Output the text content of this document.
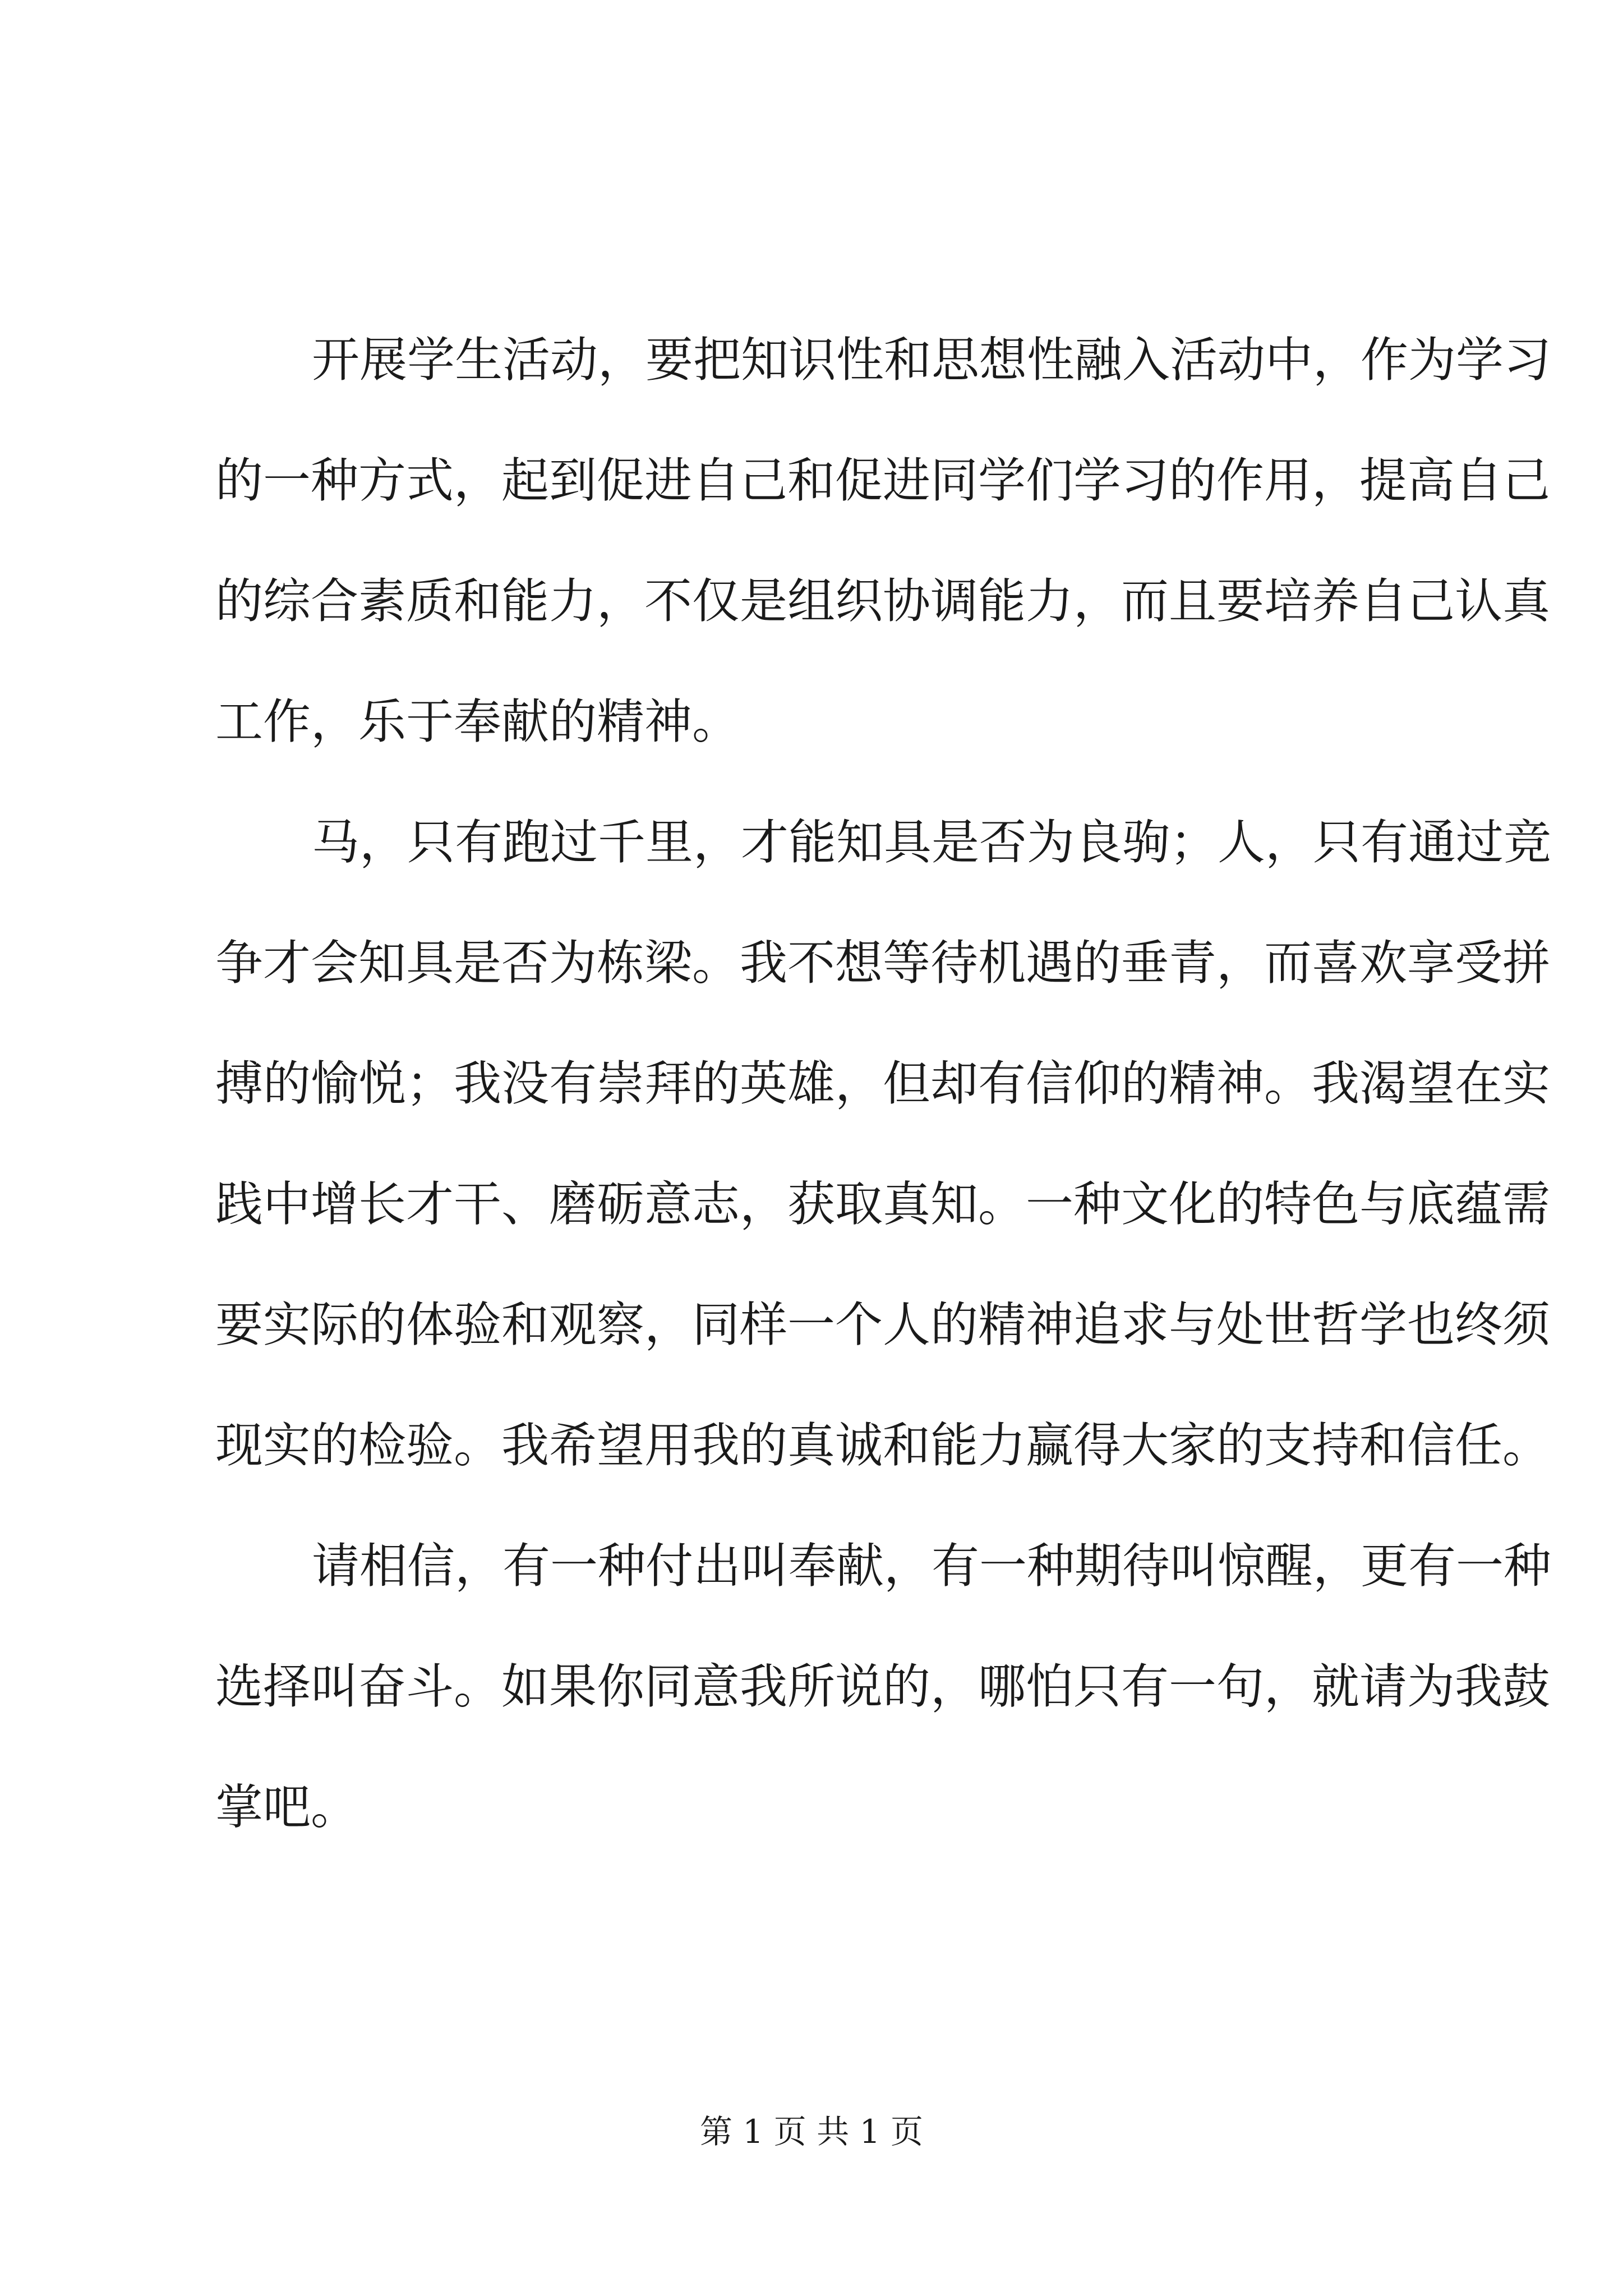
开展学生活动，要把知识性和思想性融入活动中，作为学习
的一种方式，起到促进自己和促进同学们学习的作用，提高自己
的综合素质和能力，不仅是组织协调能力，而且要培养自己认真
工作，乐于奉献的精神。
马，只有跑过千里，才能知具是否为良驹；人，只有通过竞
争才会知具是否为栋梁。我不想等待机遇的垂青，而喜欢享受拼
搏的愉悦；我没有崇拜的英雄，但却有信仰的精神。我渴望在实
践中增长才干、磨砺意志，获取真知。一种文化的特色与底蕴需
要实际的体验和观察，同样一个人的精神追求与处世哲学也终须
现实的检验。我希望用我的真诚和能力赢得大家的支持和信任。
请相信，有一种付出叫奉献，有一种期待叫惊醒，更有一种
选择叫奋斗。如果你同意我所说的，哪怕只有一句，就请为我鼓
掌吧。
第 1 页 共 1 页
